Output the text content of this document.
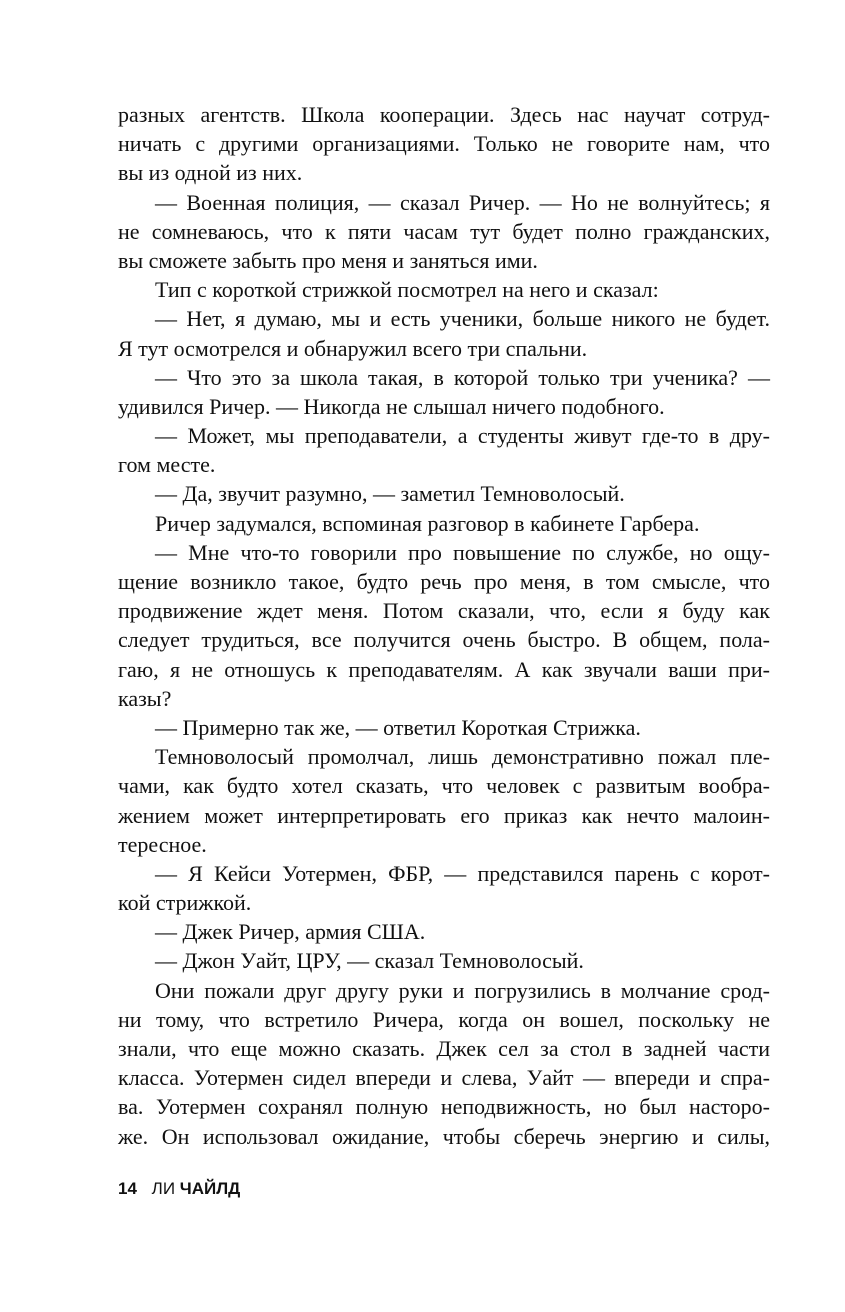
разных агентств. Школа кооперации. Здесь нас научат сотруд-
ничать с другими организациями. Только не говорите нам, что
вы из одной из них.
— Военная полиция, — сказал Ричер. — Но не волнуйтесь; я
не сомневаюсь, что к пяти часам тут будет полно гражданских,
вы сможете забыть про меня и заняться ими.
Тип с короткой стрижкой посмотрел на него и сказал:
— Нет, я думаю, мы и есть ученики, больше никого не будет.
Я тут осмотрелся и обнаружил всего три спальни.
— Что это за школа такая, в которой только три ученика? —
удивился Ричер. — Никогда не слышал ничего подобного.
— Может, мы преподаватели, а студенты живут где-то в дру-
гом месте.
— Да, звучит разумно, — заметил Темноволосый.
Ричер задумался, вспоминая разговор в кабинете Гарбера.
— Мне что-то говорили про повышение по службе, но ощу-
щение возникло такое, будто речь про меня, в том смысле, что
продвижение ждет меня. Потом сказали, что, если я буду как
следует трудиться, все получится очень быстро. В общем, пола-
гаю, я не отношусь к преподавателям. А как звучали ваши при-
казы?
— Примерно так же, — ответил Короткая Стрижка.
Темноволосый промолчал, лишь демонстративно пожал пле-
чами, как будто хотел сказать, что человек с развитым вообра-
жением может интерпретировать его приказ как нечто малоин-
тересное.
— Я Кейси Уотермен, ФБР, — представился парень с корот-
кой стрижкой.
— Джек Ричер, армия США.
— Джон Уайт, ЦРУ, — сказал Темноволосый.
Они пожали друг другу руки и погрузились в молчание срод-
ни тому, что встретило Ричера, когда он вошел, поскольку не
знали, что еще можно сказать. Джек сел за стол в задней части
класса. Уотермен сидел впереди и слева, Уайт — впереди и спра-
ва. Уотермен сохранял полную неподвижность, но был насторо-
же. Он использовал ожидание, чтобы сберечь энергию и силы,
14 ЛИ ЧАЙЛД
